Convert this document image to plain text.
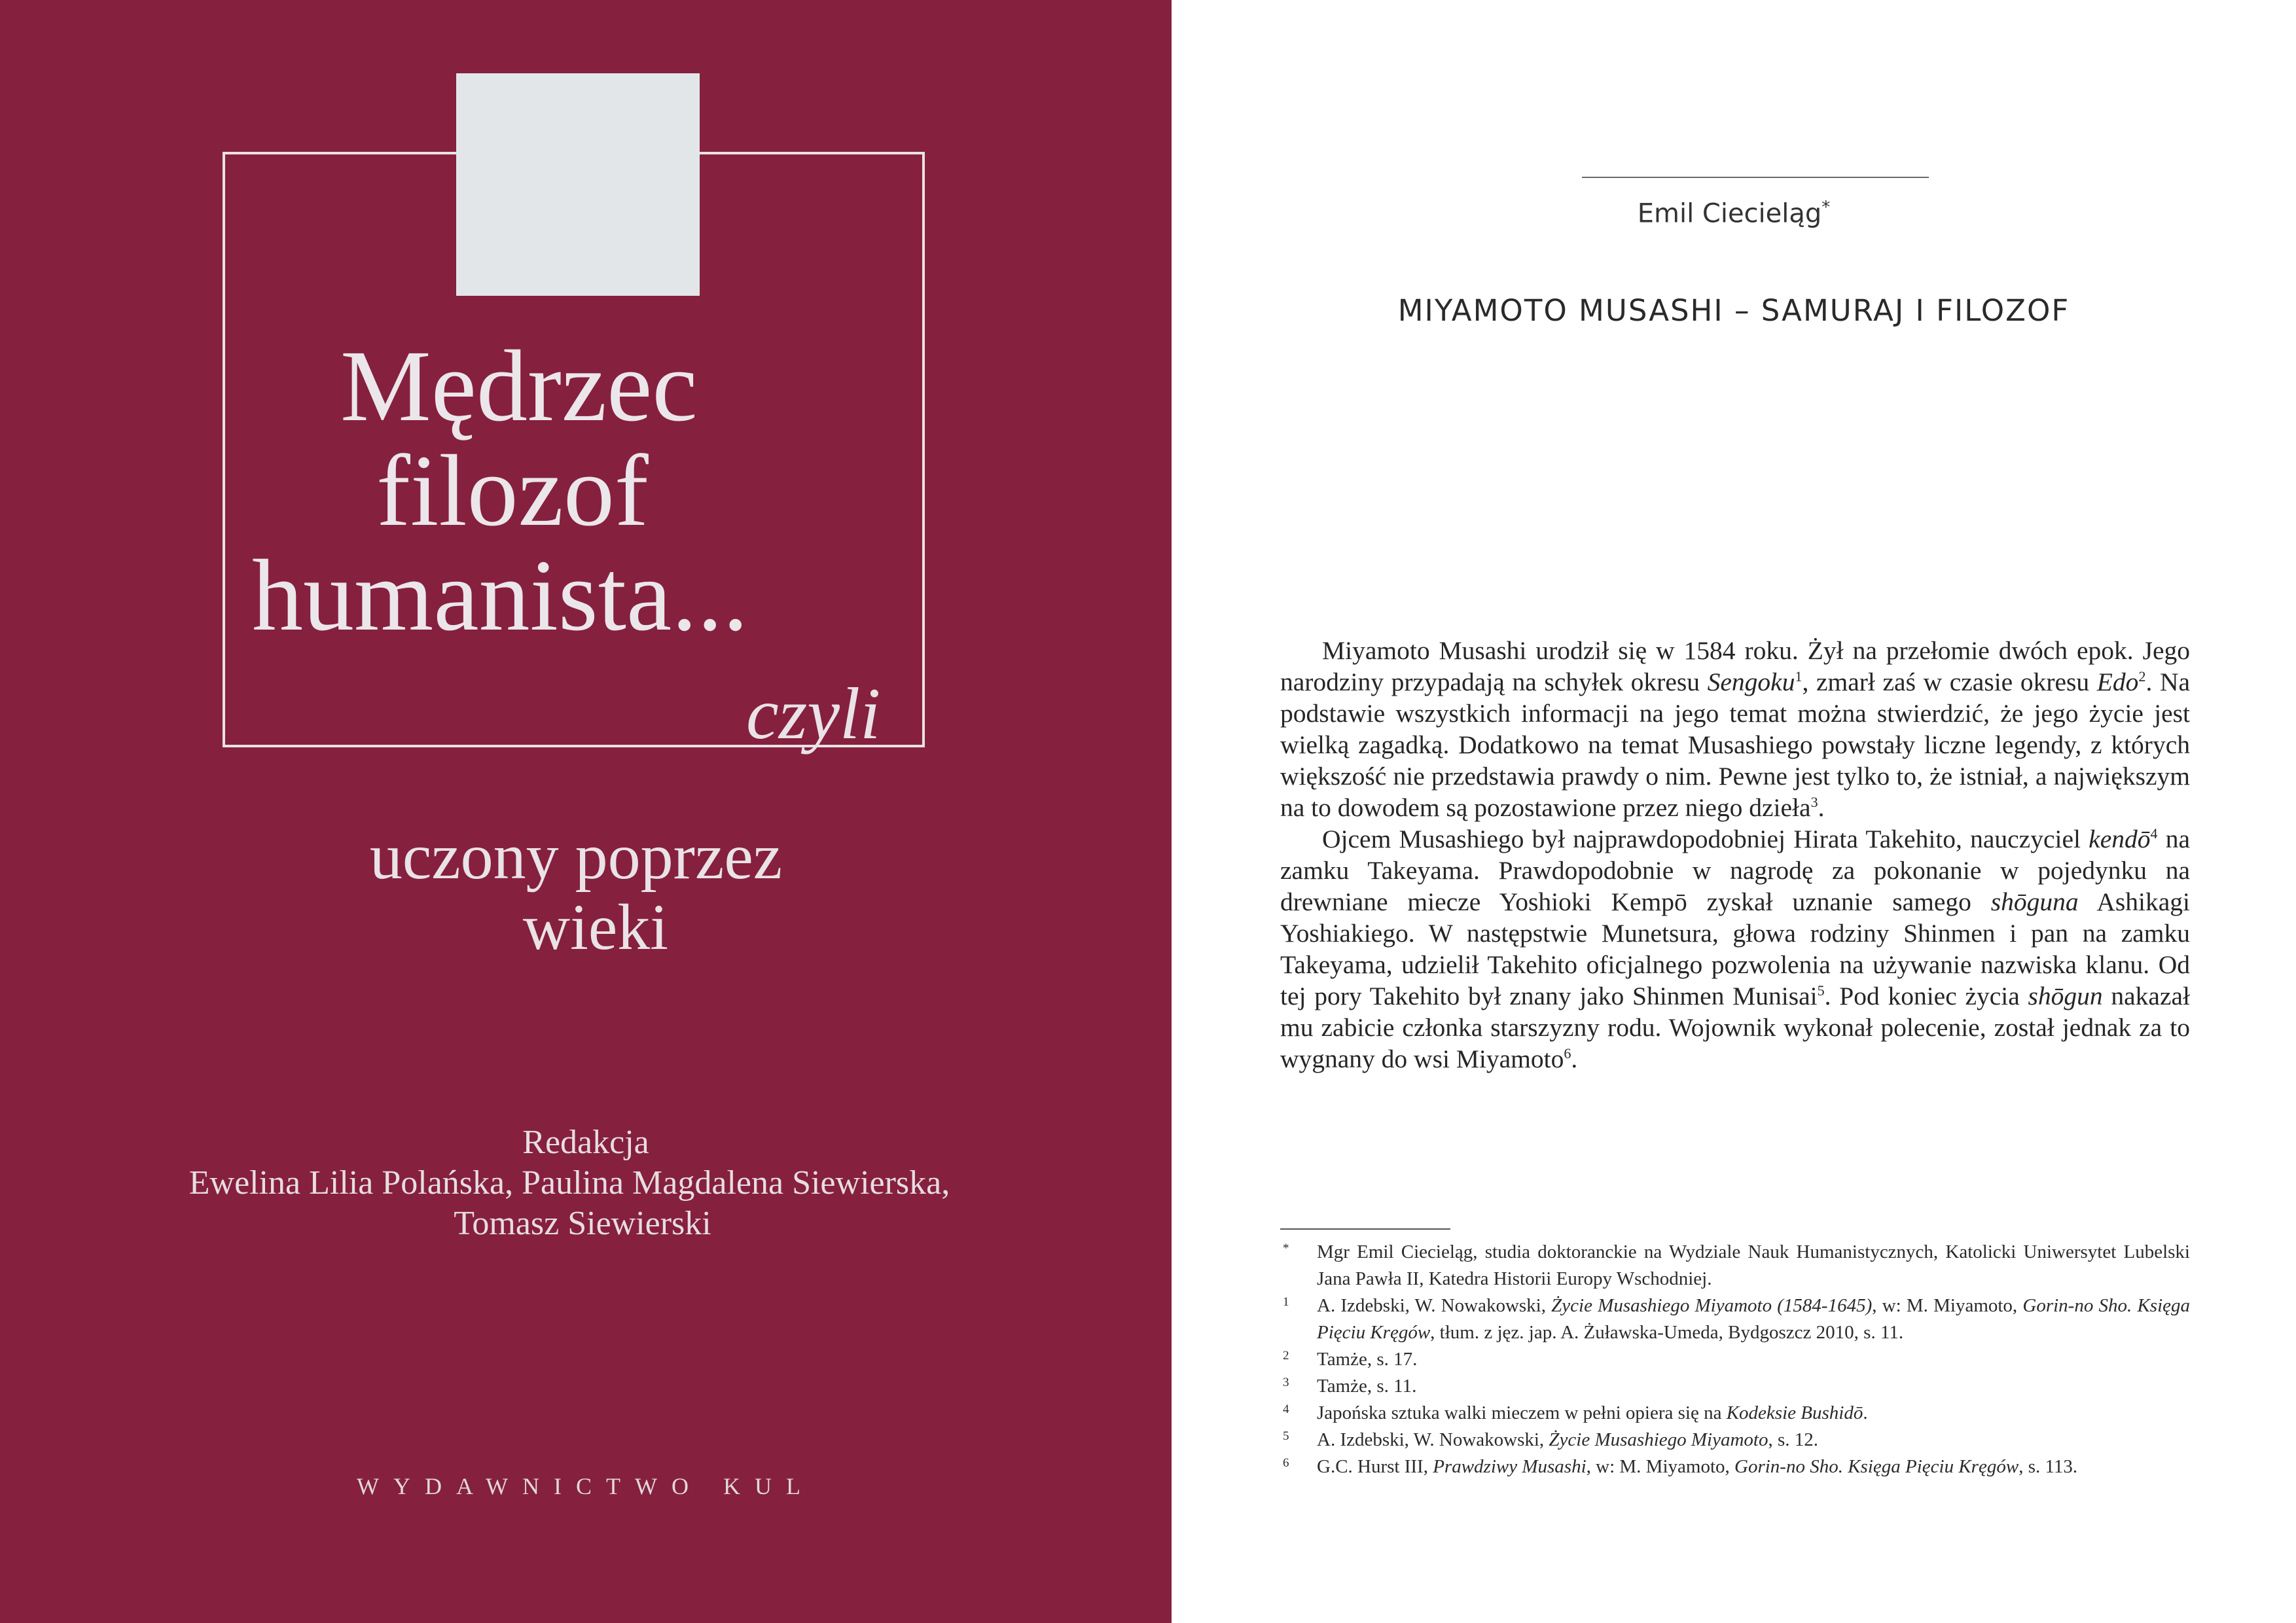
Mędrzec
filozof
humanista...
czyli
uczony poprzez
wieki
Redakcja
Ewelina Lilia Polańska, Paulina Magdalena Siewierska,
Tomasz Siewierski
WYDAWNICTWO KUL
Emil Ciecieląg*
MIYAMOTO MUSASHI – SAMURAJ I FILOZOF

Miyamoto Musashi urodził się w 1584 roku. Żył na przełomie dwóch epok. Jego narodziny przypadają na schyłek okresu Sengoku$^1$, zmarł zaś w czasie okresu Edo$^2$. Na podstawie wszystkich informacji na jego temat można stwierdzić, że jego życie jest wielką zagadką. Dodatkowo na temat Musashiego powstały liczne legendy, z których większość nie przedstawia prawdy o nim. Pewne jest tylko to, że istniał, a największym na to dowodem są pozostawione przez niego dzieła$^3$.

Ojcem Musashiego był najprawdopodobniej Hirata Takehito, nauczyciel kendō$^4$ na zamku Takeyama. Prawdopodobnie w nagrodę za pokonanie w pojedynku na drewniane miecze Yoshioki Kempō zyskał uznanie samego shōguna Ashikagi Yoshiakiego. W następstwie Munetsura, głowa rodziny Shinmen i pan na zamku Takeyama, udzielił Takehito oficjalnego pozwolenia na używanie nazwiska klanu. Od tej pory Takehito był znany jako Shinmen Munisai$^5$. Pod koniec życia shōgun nakazał mu zabicie członka starszyzny rodu. Wojownik wykonał polecenie, został jednak za to wygnany do wsi Miyamoto$^6$.

* Mgr Emil Ciecieląg, studia doktoranckie na Wydziale Nauk Humanistycznych, Katolicki Uniwersytet Lubelski Jana Pawła II, Katedra Historii Europy Wschodniej.
1 A. Izdebski, W. Nowakowski, Życie Musashiego Miyamoto (1584-1645), w: M. Miyamoto, Gorin-no Sho. Księga Pięciu Kręgów, tłum. z jęz. jap. A. Żuławska-Umeda, Bydgoszcz 2010, s. 11.
2 Tamże, s. 17.
3 Tamże, s. 11.
4 Japońska sztuka walki mieczem w pełni opiera się na Kodeksie Bushidō.
5 A. Izdebski, W. Nowakowski, Życie Musashiego Miyamoto, s. 12.
6 G.C. Hurst III, Prawdziwy Musashi, w: M. Miyamoto, Gorin-no Sho. Księga Pięciu Kręgów, s. 113.
